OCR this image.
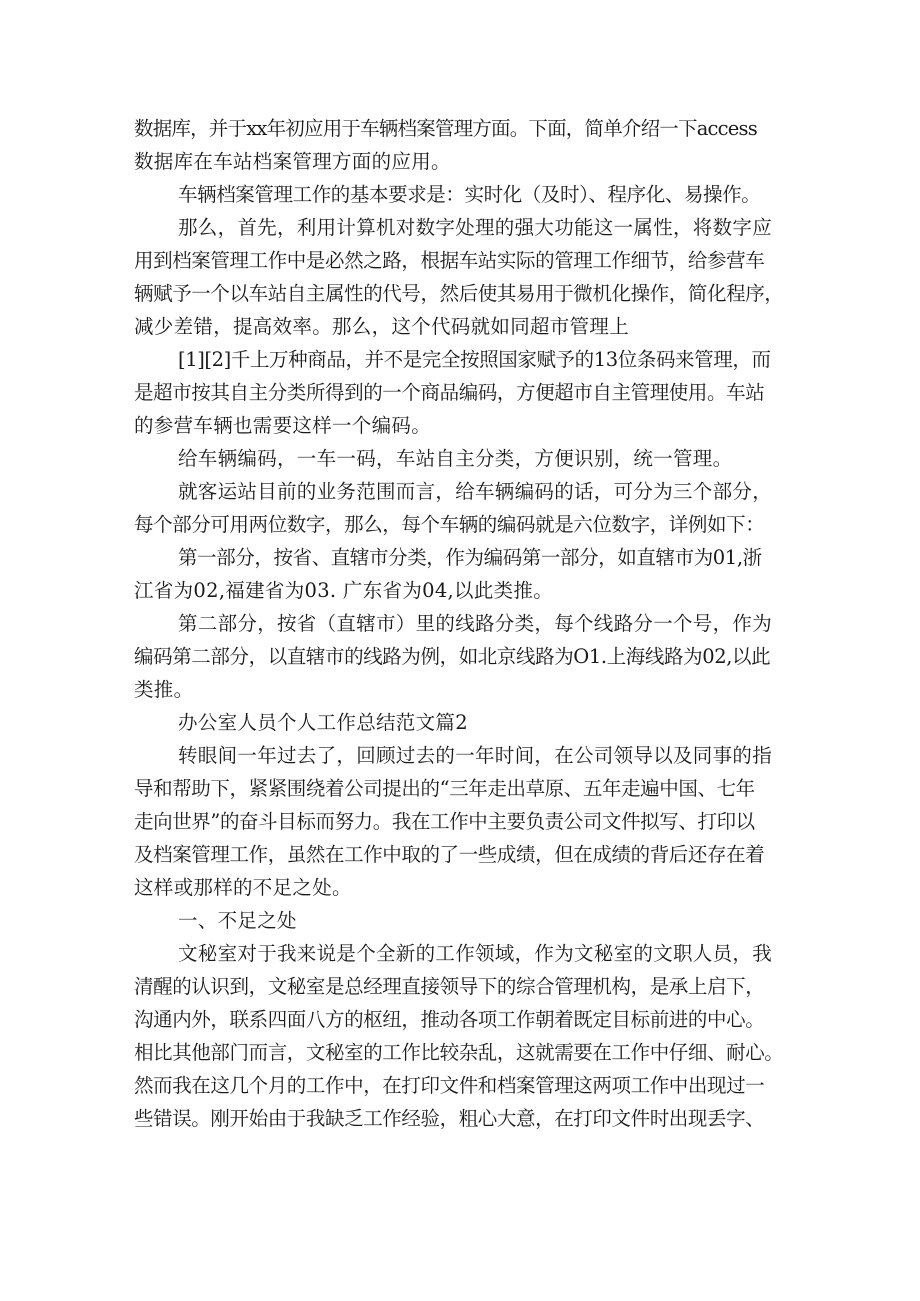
数据库，并于xx年初应用于车辆档案管理方面。下面，简单介绍一下access
数据库在车站档案管理方面的应用。
车辆档案管理工作的基本要求是：实时化（及时）、程序化、易操作。
那么，首先，利用计算机对数字处理的强大功能这一属性，将数字应
用到档案管理工作中是必然之路，根据车站实际的管理工作细节，给参营车
辆赋予一个以车站自主属性的代号，然后使其易用于微机化操作，简化程序，
减少差错，提高效率。那么，这个代码就如同超市管理上
[1][2]千上万种商品，并不是完全按照国家赋予的13位条码来管理，而
是超市按其自主分类所得到的一个商品编码，方便超市自主管理使用。车站
的参营车辆也需要这样一个编码。
给车辆编码，一车一码，车站自主分类，方便识别，统一管理。
就客运站目前的业务范围而言，给车辆编码的话，可分为三个部分，
每个部分可用两位数字，那么，每个车辆的编码就是六位数字，详例如下：
第一部分，按省、直辖市分类，作为编码第一部分，如直辖市为01,浙
江省为02,福建省为03. 广东省为04,以此类推。
第二部分，按省（直辖市）里的线路分类，每个线路分一个号，作为
编码第二部分，以直辖市的线路为例，如北京线路为O1.上海线路为02,以此
类推。
办公室人员个人工作总结范文篇2
转眼间一年过去了，回顾过去的一年时间，在公司领导以及同事的指
导和帮助下，紧紧围绕着公司提出的“三年走出草原、五年走遍中国、七年
走向世界”的奋斗目标而努力。我在工作中主要负责公司文件拟写、打印以
及档案管理工作，虽然在工作中取的了一些成绩，但在成绩的背后还存在着
这样或那样的不足之处。
一、不足之处
文秘室对于我来说是个全新的工作领域，作为文秘室的文职人员，我
清醒的认识到，文秘室是总经理直接领导下的综合管理机构，是承上启下，
沟通内外，联系四面八方的枢纽，推动各项工作朝着既定目标前进的中心。
相比其他部门而言，文秘室的工作比较杂乱，这就需要在工作中仔细、耐心。
然而我在这几个月的工作中，在打印文件和档案管理这两项工作中出现过一
些错误。刚开始由于我缺乏工作经验，粗心大意，在打印文件时出现丢字、
